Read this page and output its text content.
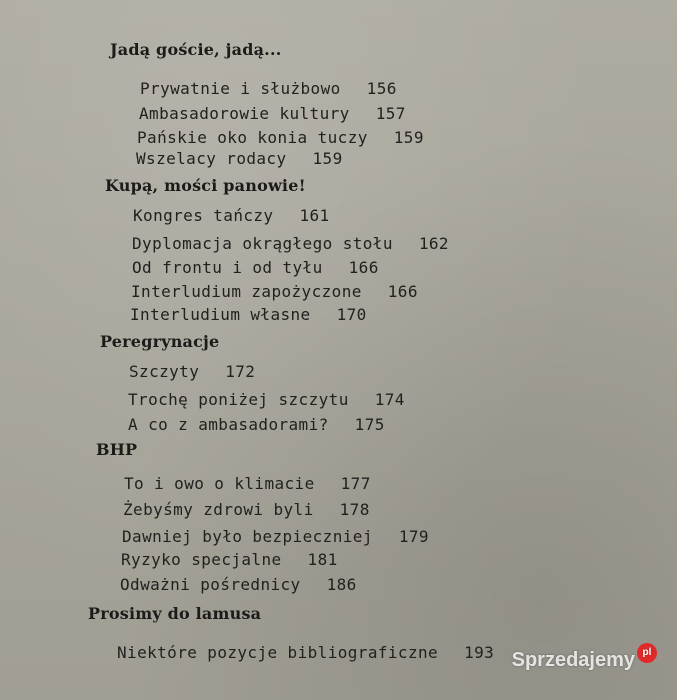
Jadą goście, jadą...
Prywatnie i służbowo 156
Ambasadorowie kultury 157
Pańskie oko konia tuczy 159
Wszelacy rodacy 159
Kupą, mości panowie!
Kongres tańczy 161
Dyplomacja okrągłego stołu 162
Od frontu i od tyłu 166
Interludium zapożyczone 166
Interludium własne 170
Peregrynacje
Szczyty 172
Trochę poniżej szczytu 174
A co z ambasadorami? 175
BHP
To i owo o klimacie 177
Żebyśmy zdrowi byli 178
Dawniej było bezpieczniej 179
Ryzyko specjalne 181
Odważni pośrednicy 186
Prosimy do lamusa
Niektóre pozycje bibliograficzne 193 Sprzedajemy pl
